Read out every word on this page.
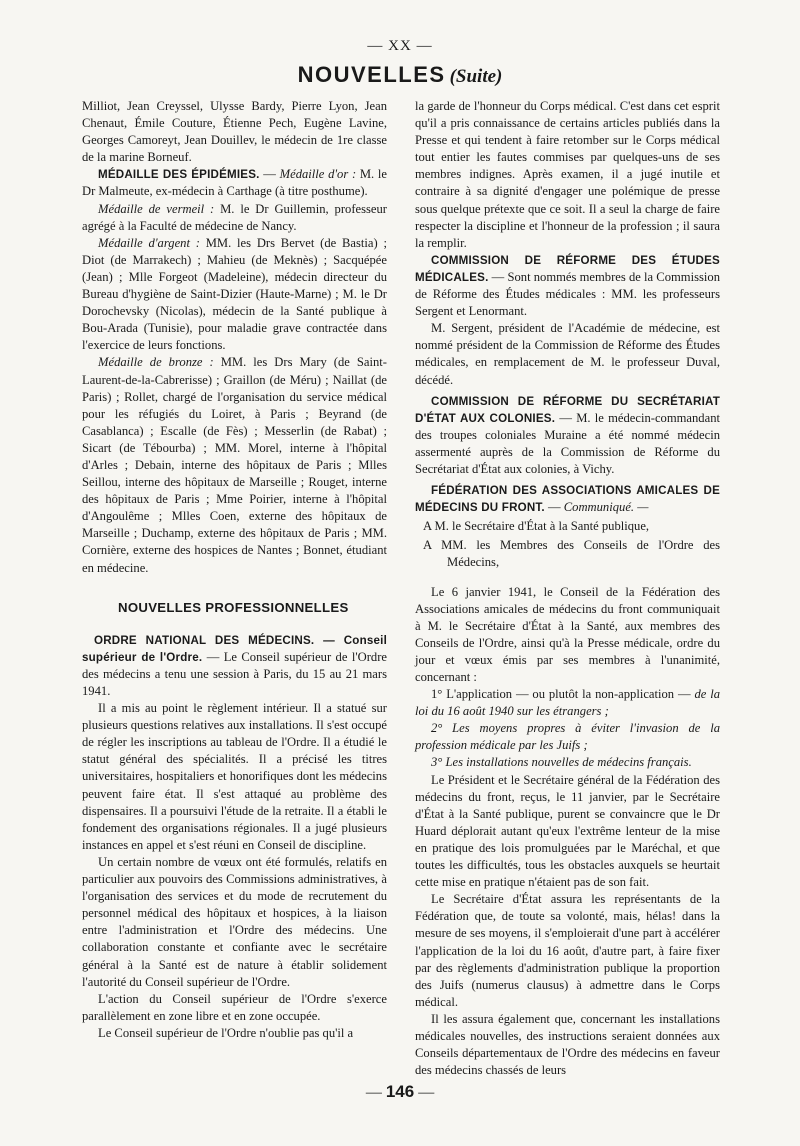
— XX —
NOUVELLES (Suite)

Milliot, Jean Creyssel, Ulysse Bardy, Pierre Lyon, Jean Chenaut, Émile Couture, Étienne Pech, Eugène Lavine, Georges Camoreyt, Jean Douillev, le médecin de 1re classe de la marine Borneuf.

MÉDAILLE DES ÉPIDÉMIES. — Médaille d'or : M. le Dr Malmeute, ex-médecin à Carthage (à titre posthume).

Médaille de vermeil : M. le Dr Guillemin, professeur agrégé à la Faculté de médecine de Nancy.

Médaille d'argent : MM. les Drs Bervet (de Bastia) ; Diot (de Marrakech) ; Mahieu (de Meknès) ; Sacquépée (Jean) ; Mlle Forgeot (Madeleine), médecin directeur du Bureau d'hygiène de Saint-Dizier (Haute-Marne) ; M. le Dr Dorochevsky (Nicolas), médecin de la Santé publique à Bou-Arada (Tunisie), pour maladie grave contractée dans l'exercice de leurs fonctions.

Médaille de bronze : MM. les Drs Mary (de Saint-Laurent-de-la-Cabrerisse) ; Graillon (de Méru) ; Naillat (de Paris) ; Rollet, chargé de l'organisation du service médical pour les réfugiés du Loiret, à Paris ; Beyrand (de Casablanca) ; Escalle (de Fès) ; Messerlin (de Rabat) ; Sicart (de Tébourba) ; MM. Morel, interne à l'hôpital d'Arles ; Debain, interne des hôpitaux de Paris ; Mlles Seillou, interne des hôpitaux de Marseille ; Rouget, interne des hôpitaux de Paris ; Mme Poirier, interne à l'hôpital d'Angoulême ; Mlles Coen, externe des hôpitaux de Marseille ; Duchamp, externe des hôpitaux de Paris ; MM. Cornière, externe des hospices de Nantes ; Bonnet, étudiant en médecine.

NOUVELLES PROFESSIONNELLES

ORDRE NATIONAL DES MÉDECINS. — Conseil supérieur de l'Ordre. — Le Conseil supérieur de l'Ordre des médecins a tenu une session à Paris, du 15 au 21 mars 1941.

Il a mis au point le règlement intérieur. Il a statué sur plusieurs questions relatives aux installations. Il s'est occupé de régler les inscriptions au tableau de l'Ordre. Il a étudié le statut général des spécialités. Il a précisé les titres universitaires, hospitaliers et honorifiques dont les médecins peuvent faire état. Il s'est attaqué au problème des dispensaires. Il a poursuivi l'étude de la retraite. Il a établi le fondement des organisations régionales. Il a jugé plusieurs instances en appel et s'est réuni en Conseil de discipline.

Un certain nombre de vœux ont été formulés, relatifs en particulier aux pouvoirs des Commissions administratives, à l'organisation des services et du mode de recrutement du personnel médical des hôpitaux et hospices, à la liaison entre l'administration et l'Ordre des médecins. Une collaboration constante et confiante avec le secrétaire général à la Santé est de nature à établir solidement l'autorité du Conseil supérieur de l'Ordre.

L'action du Conseil supérieur de l'Ordre s'exerce parallèlement en zone libre et en zone occupée.

Le Conseil supérieur de l'Ordre n'oublie pas qu'il a

la garde de l'honneur du Corps médical. C'est dans cet esprit qu'il a pris connaissance de certains articles publiés dans la Presse et qui tendent à faire retomber sur le Corps médical tout entier les fautes commises par quelques-uns de ses membres indignes. Après examen, il a jugé inutile et contraire à sa dignité d'engager une polémique de presse sous quelque prétexte que ce soit. Il a seul la charge de faire respecter la discipline et l'honneur de la profession ; il saura la remplir.

COMMISSION DE RÉFORME DES ÉTUDES MÉDICALES. — Sont nommés membres de la Commission de Réforme des Études médicales : MM. les professeurs Sergent et Lenormant.

M. Sergent, président de l'Académie de médecine, est nommé président de la Commission de Réforme des Études médicales, en remplacement de M. le professeur Duval, décédé.

COMMISSION DE RÉFORME DU SECRÉTARIAT D'ÉTAT AUX COLONIES. — M. le médecin-commandant des troupes coloniales Muraine a été nommé médecin assermenté auprès de la Commission de Réforme du Secrétariat d'État aux colonies, à Vichy.

FÉDÉRATION DES ASSOCIATIONS AMICALES DE MÉDECINS DU FRONT. — Communiqué. —

A M. le Secrétaire d'État à la Santé publique,

A MM. les Membres des Conseils de l'Ordre des Médecins,

Le 6 janvier 1941, le Conseil de la Fédération des Associations amicales de médecins du front communiquait à M. le Secrétaire d'État à la Santé, aux membres des Conseils de l'Ordre, ainsi qu'à la Presse médicale, ordre du jour et vœux émis par ses membres à l'unanimité, concernant :

1° L'application — ou plutôt la non-application — de la loi du 16 août 1940 sur les étrangers ;

2° Les moyens propres à éviter l'invasion de la profession médicale par les Juifs ;

3° Les installations nouvelles de médecins français.

Le Président et le Secrétaire général de la Fédération des médecins du front, reçus, le 11 janvier, par le Secrétaire d'État à la Santé publique, purent se convaincre que le Dr Huard déplorait autant qu'eux l'extrême lenteur de la mise en pratique des lois promulguées par le Maréchal, et que toutes les difficultés, tous les obstacles auxquels se heurtait cette mise en pratique n'étaient pas de son fait.

Le Secrétaire d'État assura les représentants de la Fédération que, de toute sa volonté, mais, hélas! dans la mesure de ses moyens, il s'emploierait d'une part à accélérer l'application de la loi du 16 août, d'autre part, à faire fixer par des règlements d'administration publique la proportion des Juifs (numerus clausus) à admettre dans le Corps médical.

Il les assura également que, concernant les installations médicales nouvelles, des instructions seraient données aux Conseils départementaux de l'Ordre des médecins en faveur des médecins chassés de leurs

— 146 —
